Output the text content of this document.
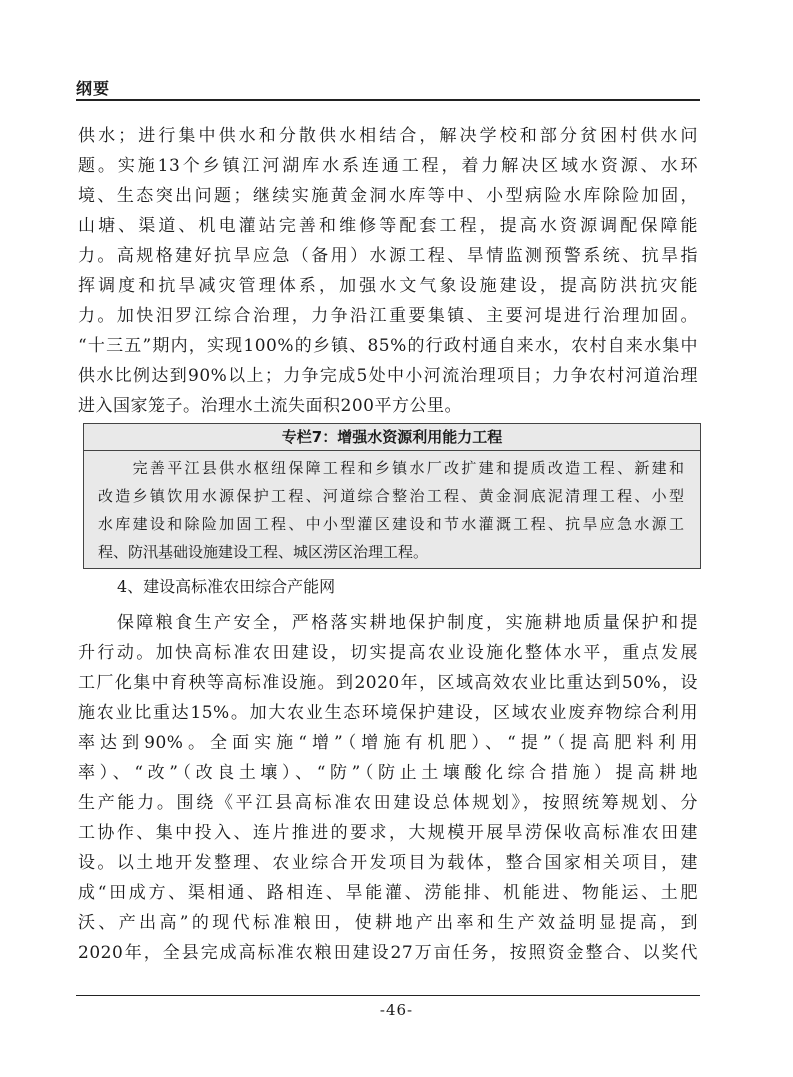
纲要
供水；进行集中供水和分散供水相结合，解决学校和部分贫困村供水问
题。实施13个乡镇江河湖库水系连通工程，着力解决区域水资源、水环
境、生态突出问题；继续实施黄金洞水库等中、小型病险水库除险加固，
山塘、渠道、机电灌站完善和维修等配套工程，提高水资源调配保障能
力。高规格建好抗旱应急（备用）水源工程、旱情监测预警系统、抗旱指
挥调度和抗旱减灾管理体系，加强水文气象设施建设，提高防洪抗灾能
力。加快汨罗江综合治理，力争沿江重要集镇、主要河堤进行治理加固。
“十三五”期内，实现100%的乡镇、85%的行政村通自来水，农村自来水集中
供水比例达到90%以上；力争完成5处中小河流治理项目；力争农村河道治理
进入国家笼子。治理水土流失面积200平方公里。
专栏7：增强水资源利用能力工程
　　完善平江县供水枢纽保障工程和乡镇水厂改扩建和提质改造工程、新建和
改造乡镇饮用水源保护工程、河道综合整治工程、黄金洞底泥清理工程、小型
水库建设和除险加固工程、中小型灌区建设和节水灌溉工程、抗旱应急水源工
程、防汛基础设施建设工程、城区涝区治理工程。
4、建设高标准农田综合产能网
　　保障粮食生产安全，严格落实耕地保护制度，实施耕地质量保护和提
升行动。加快高标准农田建设，切实提高农业设施化整体水平，重点发展
工厂化集中育秧等高标准设施。到2020年，区域高效农业比重达到50%，设
施农业比重达15%。加大农业生态环境保护建设，区域农业废弃物综合利用
率达到90%。全面实施“增”（增施有机肥）、“提”（提高肥料利用
率）、“改”（改良土壤）、“防”（防止土壤酸化综合措施）提高耕地
生产能力。围绕《平江县高标准农田建设总体规划》，按照统筹规划、分
工协作、集中投入、连片推进的要求，大规模开展旱涝保收高标准农田建
设。以土地开发整理、农业综合开发项目为载体，整合国家相关项目，建
成“田成方、渠相通、路相连、旱能灌、涝能排、机能进、物能运、土肥
沃、产出高”的现代标准粮田，使耕地产出率和生产效益明显提高，到
2020年，全县完成高标准农粮田建设27万亩任务，按照资金整合、以奖代
-46-
